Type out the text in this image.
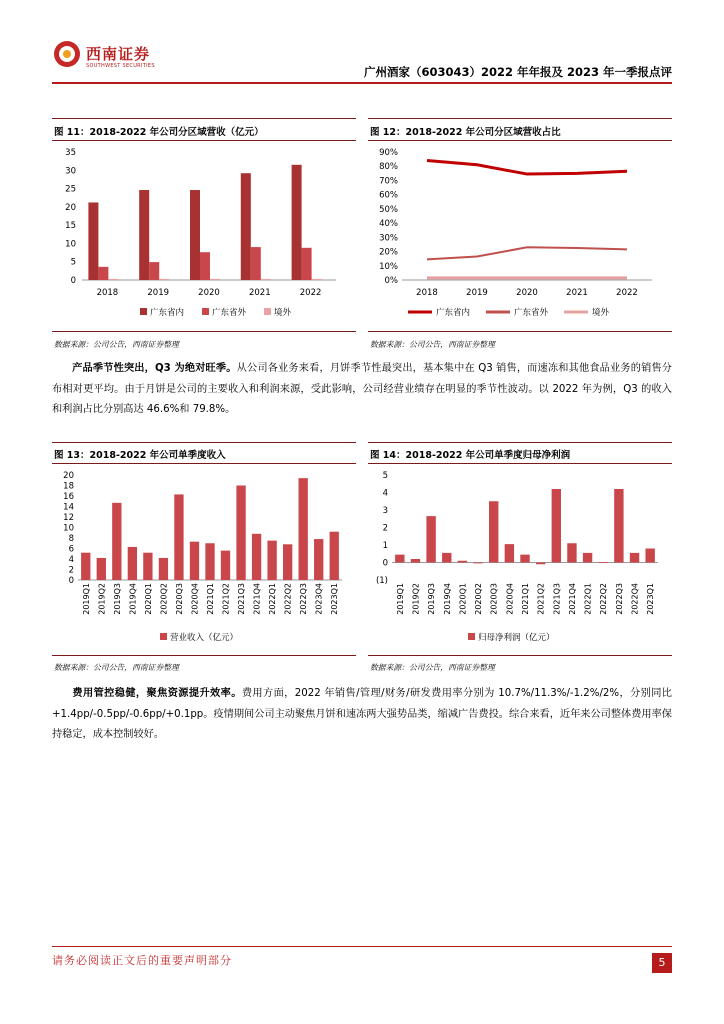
西南证券
SOUTHWEST SECURITIES	广州酒家（603043）2022 年年报及 2023 年一季报点评
图 11：2018-2022 年公司分区域营收（亿元）	图 12：2018-2022 年公司分区域营收占比
0
5
10
15
20
25
30
35
2018	2019	2020	2021	2022
广东省内	广东省外	境外
0%
10%
20%
30%
40%
50%
60%
70%
80%
90%
2018	2019	2020	2021	2022
广东省内	广东省外	境外
数据来源：公司公告，西南证券整理	数据来源：公司公告，西南证券整理
产品季节性突出，Q3 为绝对旺季。从公司各业务来看，月饼季节性最突出，基本集中在 Q3 销售，而速冻和其他食品业务的销售分布相对更平均。由于月饼是公司的主要收入和利润来源，受此影响，公司经营业绩存在明显的季节性波动。以 2022 年为例，Q3 的收入和利润占比分别高达 46.6%和 79.8%。
图 13：2018-2022 年公司单季度收入	图 14：2018-2022 年公司单季度归母净利润
0
2
4
6
8
10
12
14
16
18
20
2019Q1 2019Q2 2019Q3 2019Q4 2020Q1 2020Q2 2020Q3 2020Q4 2021Q1 2021Q2 2021Q3 2021Q4 2022Q1 2022Q2 2022Q3 2023Q4 2023Q1
营业收入（亿元）
(1)
0
1
2
3
4
5
2019Q1 2019Q2 2019Q3 2019Q4 2020Q1 2020Q2 2020Q3 2020Q4 2021Q1 2021Q2 2021Q3 2021Q4 2022Q1 2022Q2 2022Q3 2022Q4 2023Q1
归母净利润（亿元）
数据来源：公司公告，西南证券整理	数据来源：公司公告，西南证券整理
费用管控稳健，聚焦资源提升效率。费用方面，2022 年销售/管理/财务/研发费用率分别为 10.7%/11.3%/-1.2%/2%，分别同比+1.4pp/-0.5pp/-0.6pp/+0.1pp。疫情期间公司主动聚焦月饼和速冻两大强势品类，缩减广告费投。综合来看，近年来公司整体费用率保持稳定，成本控制较好。
请务必阅读正文后的重要声明部分	5
